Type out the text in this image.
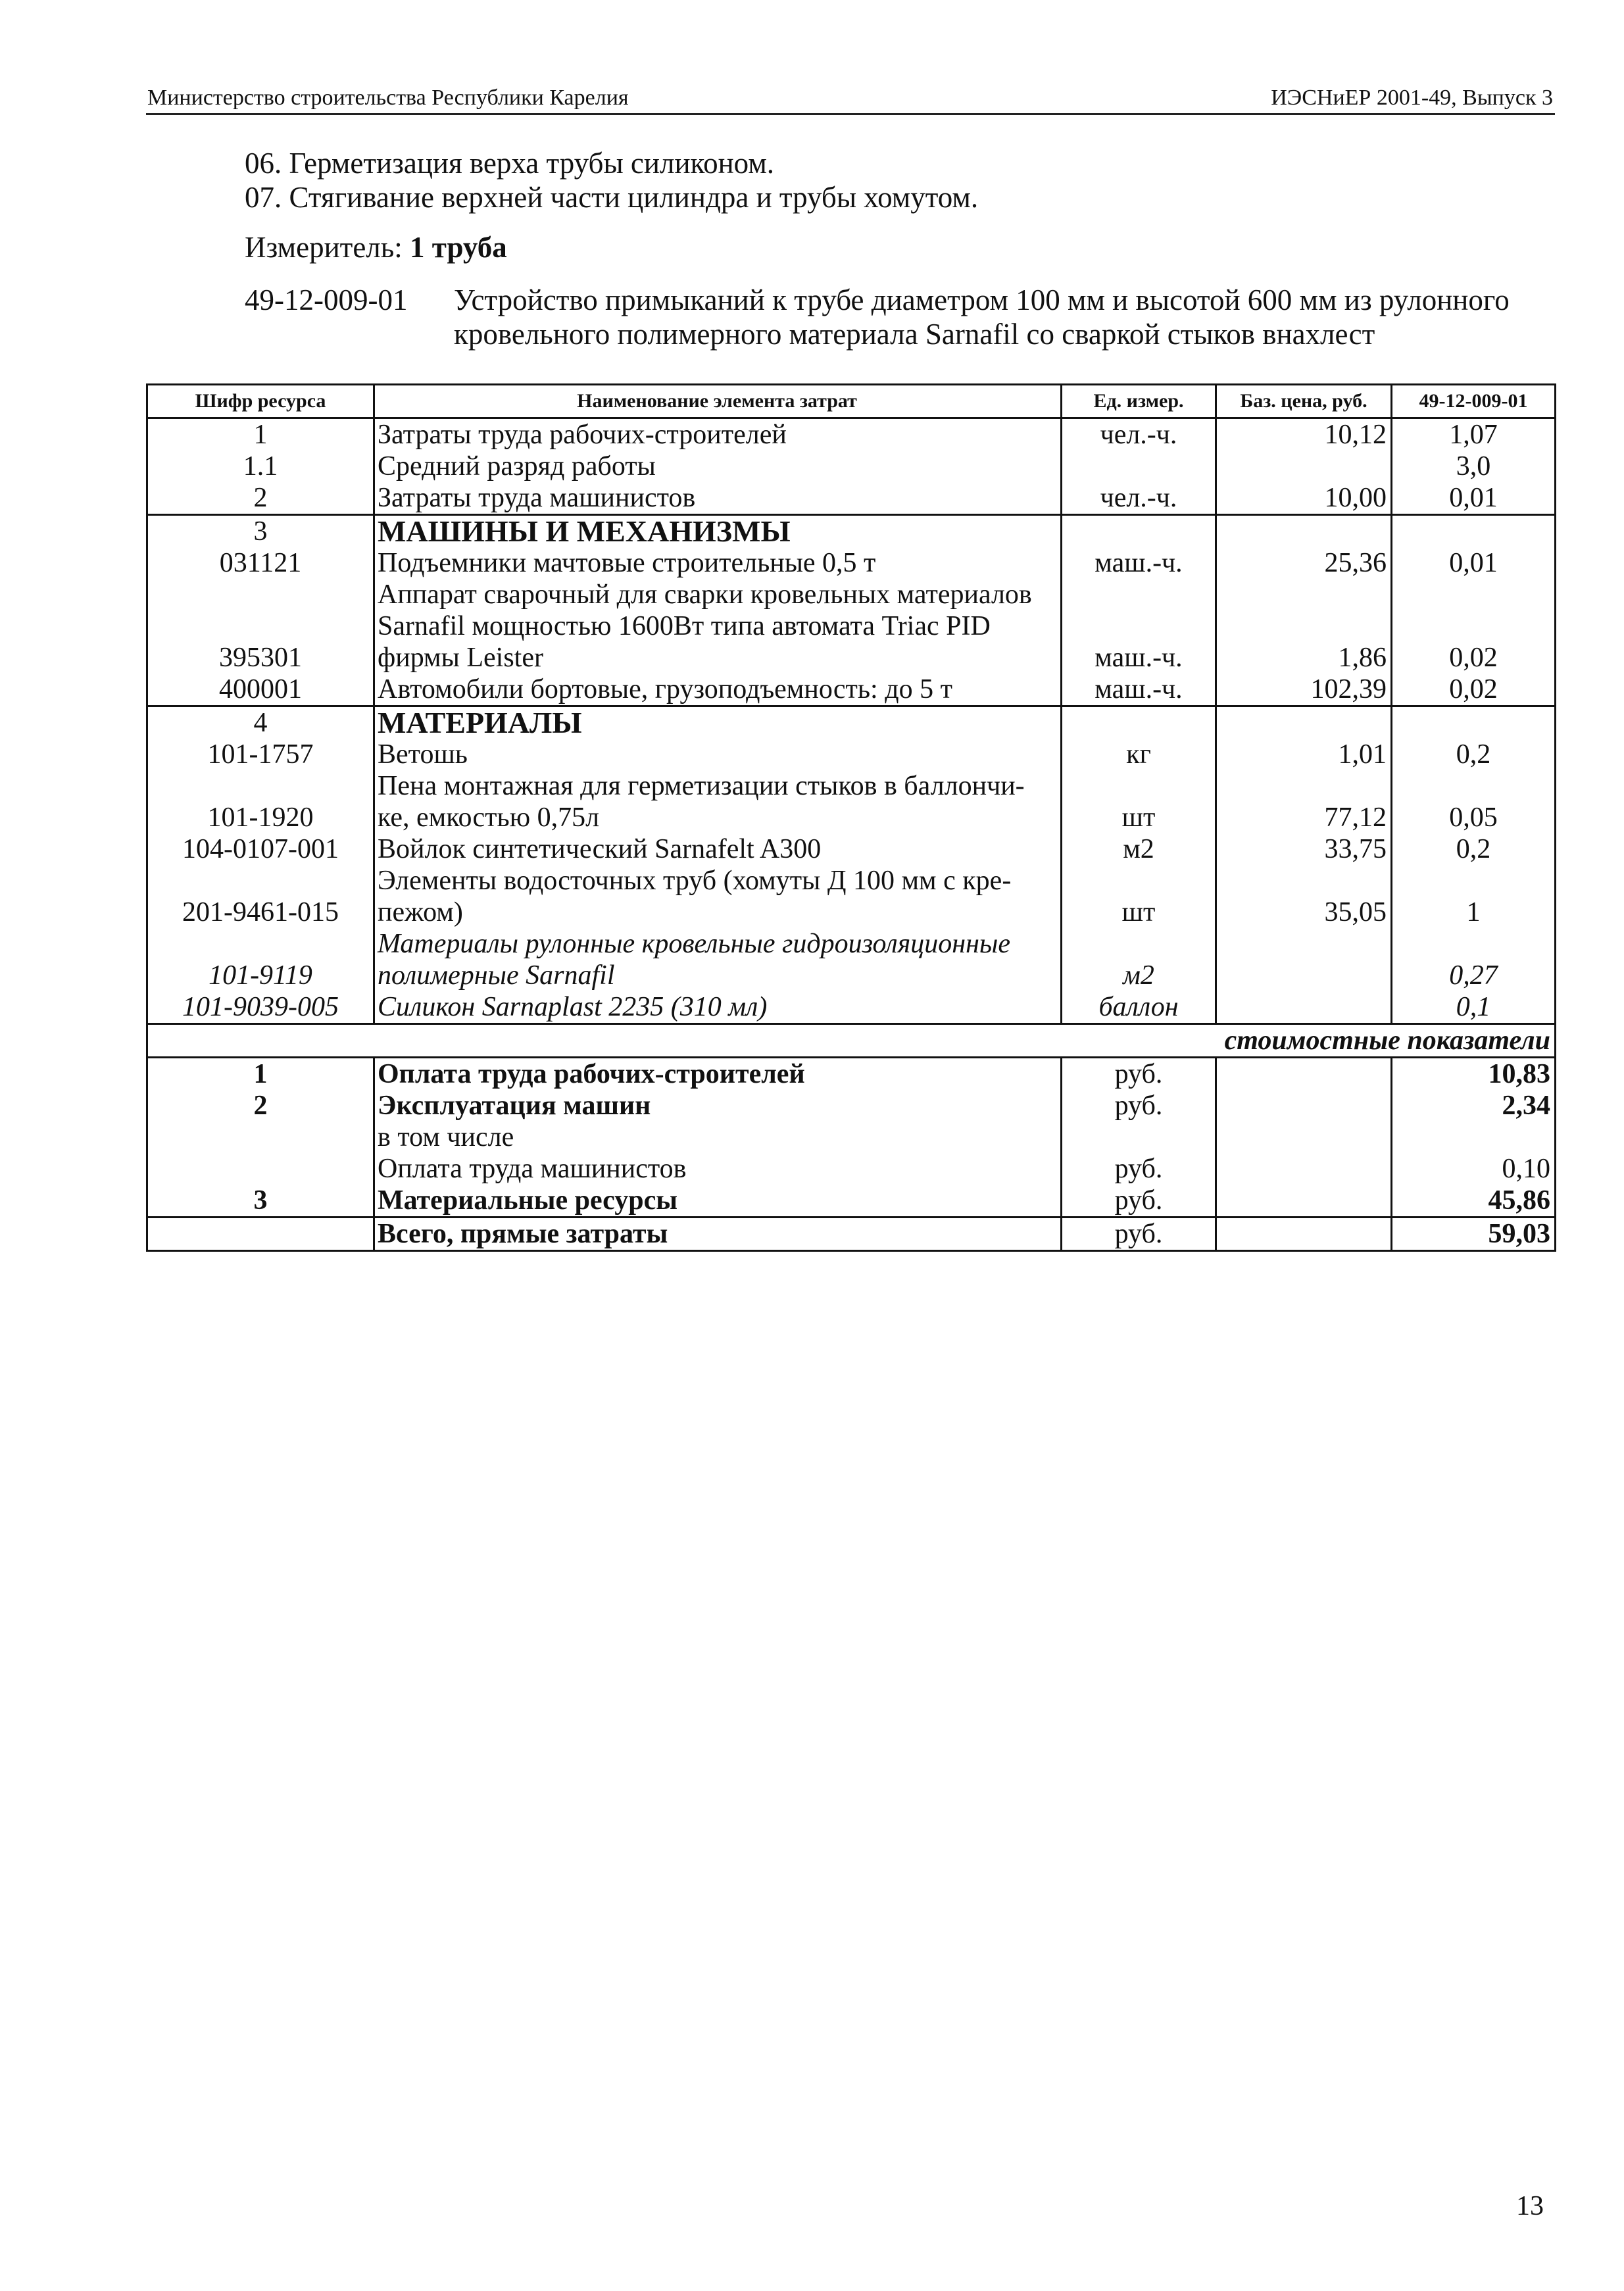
Министерство строительства Республики Карелия	ИЭСНиЕР 2001-49, Выпуск 3
06. Герметизация верха трубы силиконом.
07. Стягивание верхней части цилиндра и трубы хомутом.
Измеритель: 1 труба
49-12-009-01 Устройство примыканий к трубе диаметром 100 мм и высотой 600 мм из рулонного кровельного полимерного материала Sarnafil со сваркой стыков внахлест
Шифр ресурса	Наименование элемента затрат	Ед. измер.	Баз. цена, руб.	49-12-009-01
1	Затраты труда рабочих-строителей	чел.-ч.	10,12	1,07
1.1	Средний разряд работы			3,0
2	Затраты труда машинистов	чел.-ч.	10,00	0,01
3	МАШИНЫ И МЕХАНИЗМЫ			
031121	Подъемники мачтовые строительные 0,5 т	маш.-ч.	25,36	0,01
	Аппарат сварочный для сварки кровельных материалов			
	Sarnafil мощностью 1600Вт типа автомата Triac PID			
395301	фирмы Leister	маш.-ч.	1,86	0,02
400001	Автомобили бортовые, грузоподъемность: до 5 т	маш.-ч.	102,39	0,02
4	МАТЕРИАЛЫ			
101-1757	Ветошь	кг	1,01	0,2
	Пена монтажная для герметизации стыков в баллончи-			
101-1920	ке, емкостью 0,75л	шт	77,12	0,05
104-0107-001	Войлок синтетический Sarnafelt A300	м2	33,75	0,2
	Элементы водосточных труб (хомуты Д 100 мм с кре-			
201-9461-015	пежом)	шт	35,05	1
	Материалы рулонные кровельные гидроизоляционные			
101-9119	полимерные Sarnafil	м2		0,27
101-9039-005	Силикон Sarnaplast 2235 (310 мл)	баллон		0,1
стоимостные показатели				
1	Оплата труда рабочих-строителей	руб.		10,83
2	Эксплуатация машин	руб.		2,34
	в том числе			
	Оплата труда машинистов	руб.		0,10
3	Материальные ресурсы	руб.		45,86
	Всего, прямые затраты	руб.		59,03
13
